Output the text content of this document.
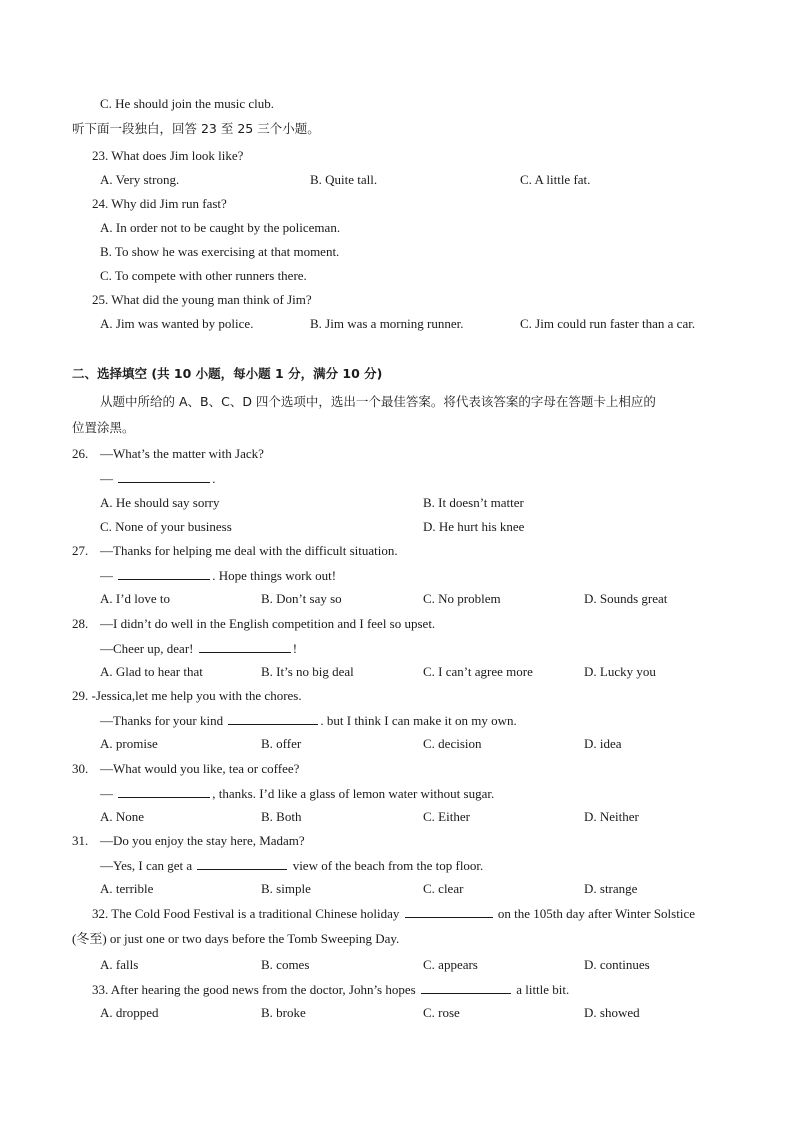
C. He should join the music club.
听下面一段独白，回答 23 至 25 三个小题。
23. What does Jim look like?
A. Very strong.	B. Quite tall.	C. A little fat.
24. Why did Jim run fast?
A. In order not to be caught by the policeman.
B. To show he was exercising at that moment.
C. To compete with other runners there.
25. What did the young man think of Jim?
A. Jim was wanted by police.	B. Jim was a morning runner.	C. Jim could run faster than a car.
二、选择填空 (共 10 小题，每小题 1 分，满分 10 分)
从题中所给的 A、B、C、D 四个选项中，选出一个最佳答案。将代表该答案的字母在答题卡上相应的
位置涂黑。
26. —What’s the matter with Jack?
—	.
A. He should say sorry	B. It doesn’t matter
C. None of your business	D. He hurt his knee
27. —Thanks for helping me deal with the difficult situation.
—	. Hope things work out!
A. I’d love to	B. Don’t say so	C. No problem	D. Sounds great
28. —I didn’t do well in the English competition and I feel so upset.
—Cheer up, dear!	!
A. Glad to hear that	B. It’s no big deal	C. I can’t agree more	D. Lucky you
29. -Jessica,let me help you with the chores.
—Thanks for your kind	. but I think I can make it on my own.
A. promise	B. offer	C. decision	D. idea
30. —What would you like, tea or coffee?
—	, thanks. I’d like a glass of lemon water without sugar.
A. None	B. Both	C. Either	D. Neither
31. —Do you enjoy the stay here, Madam?
—Yes, I can get a	view of the beach from the top floor.
A. terrible	B. simple	C. clear	D. strange
32. The Cold Food Festival is a traditional Chinese holiday	on the 105th day after Winter Solstice
(冬至) or just one or two days before the Tomb Sweeping Day.
A. falls	B. comes	C. appears	D. continues
33. After hearing the good news from the doctor, John’s hopes	a little bit.
A. dropped	B. broke	C. rose	D. showed
